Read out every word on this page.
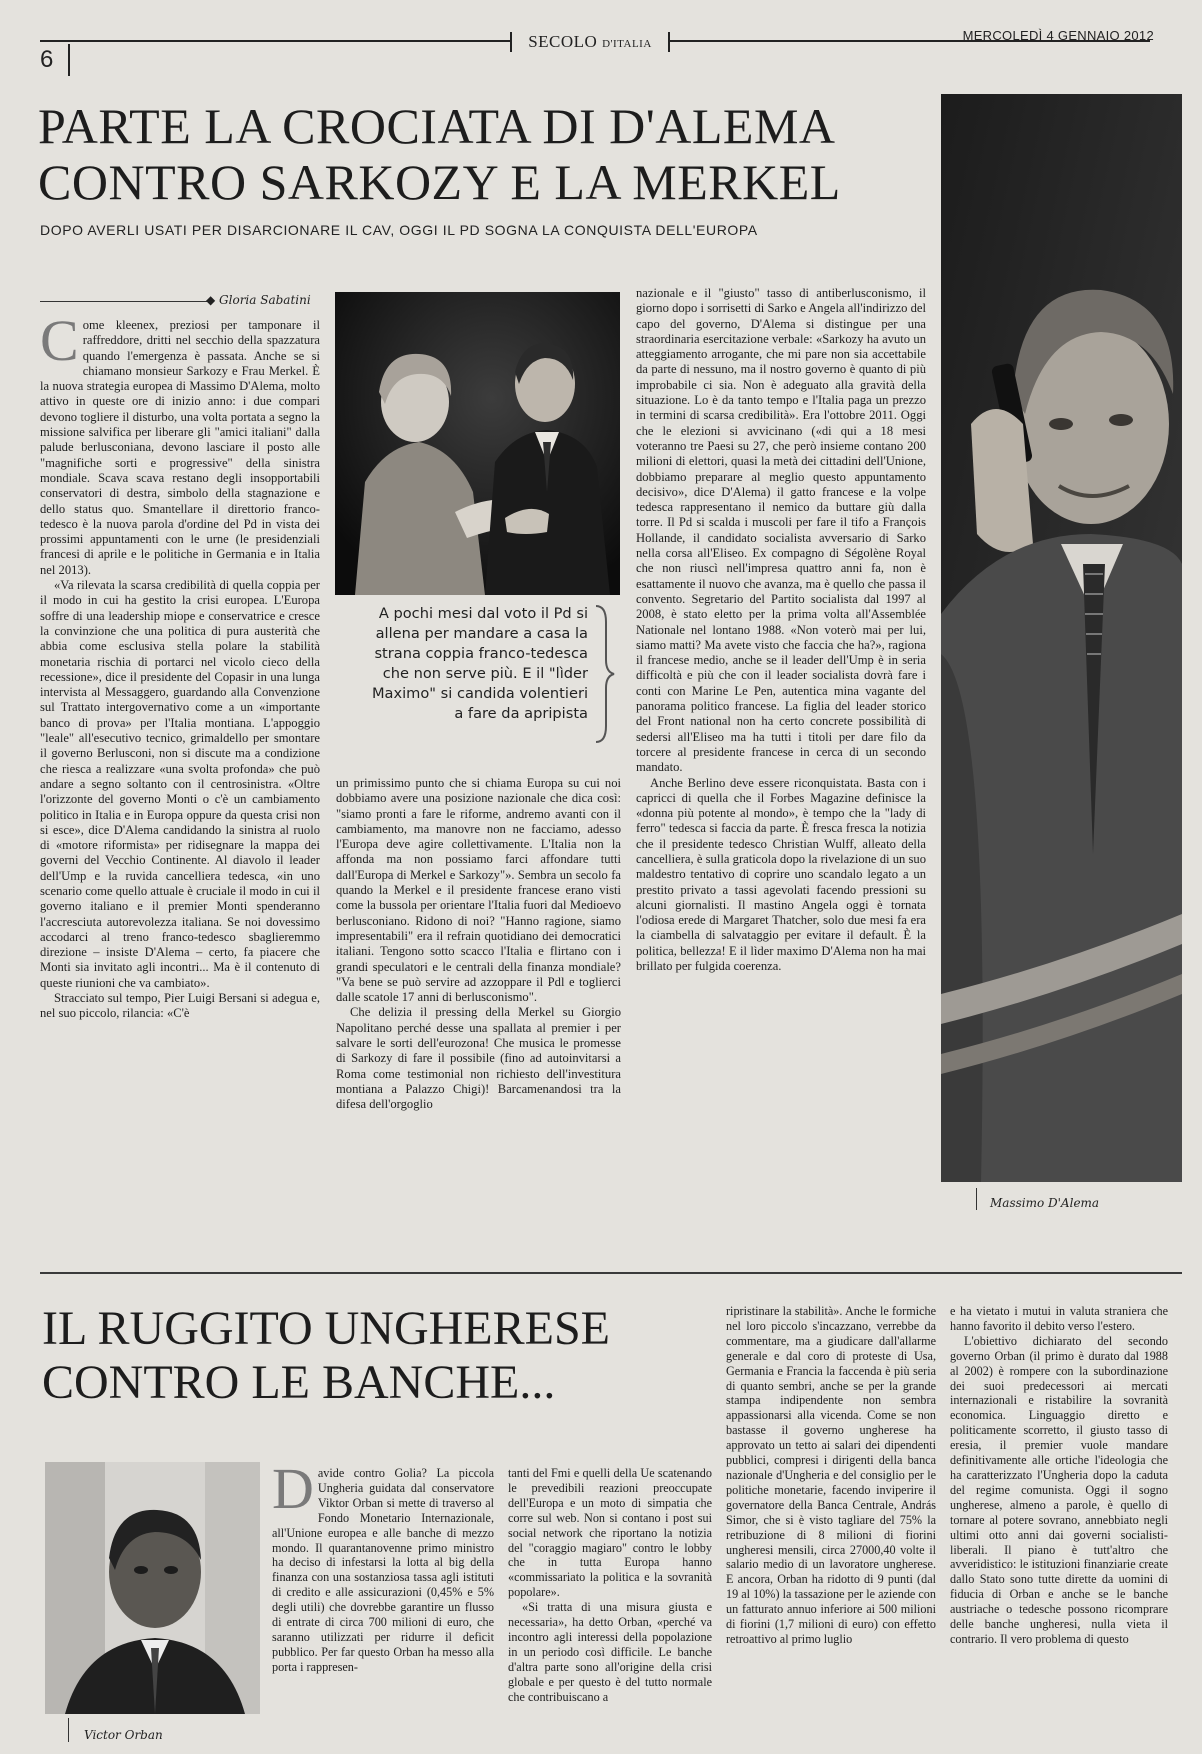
6
SECOLO D'ITALIA
MERCOLEDÌ 4 GENNAIO 2012
PARTE LA CROCIATA DI D'ALEMA
CONTRO SARKOZY E LA MERKEL
DOPO AVERLI USATI PER DISARCIONARE IL CAV, OGGI IL PD SOGNA LA CONQUISTA DELL'EUROPA
◆ Gloria Sabatini

Come kleenex, preziosi per tamponare il raffreddore, dritti nel secchio della spazzatura quando l'emergenza è passata. Anche se si chiamano monsieur Sarkozy e Frau Merkel. È la nuova strategia europea di Massimo D'Alema, molto attivo in queste ore di inizio anno: i due compari devono togliere il disturbo, una volta portata a segno la missione salvifica per liberare gli "amici italiani" dalla palude berlusconiana, devono lasciare il posto alle "magnifiche sorti e progressive" della sinistra mondiale. Scava scava restano degli insopportabili conservatori di destra, simbolo della stagnazione e dello status quo. Smantellare il direttorio franco-tedesco è la nuova parola d'ordine del Pd in vista dei prossimi appuntamenti con le urne (le presidenziali francesi di aprile e le politiche in Germania e in Italia nel 2013).

«Va rilevata la scarsa credibilità di quella coppia per il modo in cui ha gestito la crisi europea. L'Europa soffre di una leadership miope e conservatrice e cresce la convinzione che una politica di pura austerità che abbia come esclusiva stella polare la stabilità monetaria rischia di portarci nel vicolo cieco della recessione», dice il presidente del Copasir in una lunga intervista al Messaggero, guardando alla Convenzione sul Trattato intergovernativo come a un «importante banco di prova» per l'Italia montiana. L'appoggio "leale" all'esecutivo tecnico, grimaldello per smontare il governo Berlusconi, non si discute ma a condizione che riesca a realizzare «una svolta profonda» che può andare a segno soltanto con il centrosinistra. «Oltre l'orizzonte del governo Monti o c'è un cambiamento politico in Italia e in Europa oppure da questa crisi non si esce», dice D'Alema candidando la sinistra al ruolo di «motore riformista» per ridisegnare la mappa dei governi del Vecchio Continente. Al diavolo il leader dell'Ump e la ruvida cancelliera tedesca, «in uno scenario come quello attuale è cruciale il modo in cui il governo italiano e il premier Monti spenderanno l'accresciuta autorevolezza italiana. Se noi dovessimo accodarci al treno franco-tedesco sbaglieremmo direzione – insiste D'Alema – certo, fa piacere che Monti sia invitato agli incontri... Ma è il contenuto di queste riunioni che va cambiato».

Stracciato sul tempo, Pier Luigi Bersani si adegua e, nel suo piccolo, rilancia: «C'è

A pochi mesi dal voto il Pd si allena per mandare a casa la strana coppia franco-tedesca che non serve più. E il "lìder Maximo" si candida volentieri a fare da apripista

un primissimo punto che si chiama Europa su cui noi dobbiamo avere una posizione nazionale che dica così: "siamo pronti a fare le riforme, andremo avanti con il cambiamento, ma manovre non ne facciamo, adesso l'Europa deve agire collettivamente. L'Italia non la affonda ma non possiamo farci affondare tutti dall'Europa di Merkel e Sarkozy"». Sembra un secolo fa quando la Merkel e il presidente francese erano visti come la bussola per orientare l'Italia fuori dal Medioevo berlusconiano. Ridono di noi? "Hanno ragione, siamo impresentabili" era il refrain quotidiano dei democratici italiani. Tengono sotto scacco l'Italia e flirtano con i grandi speculatori e le centrali della finanza mondiale? "Va bene se può servire ad azzoppare il Pdl e toglierci dalle scatole 17 anni di berlusconismo".

Che delizia il pressing della Merkel su Giorgio Napolitano perché desse una spallata al premier i per salvare le sorti dell'eurozona! Che musica le promesse di Sarkozy di fare il possibile (fino ad autoinvitarsi a Roma come testimonial non richiesto dell'investitura montiana a Palazzo Chigi)! Barcamenandosi tra la difesa dell'orgoglio

nazionale e il "giusto" tasso di antiberlusconismo, il giorno dopo i sorrisetti di Sarko e Angela all'indirizzo del capo del governo, D'Alema si distingue per una straordinaria esercitazione verbale: «Sarkozy ha avuto un atteggiamento arrogante, che mi pare non sia accettabile da parte di nessuno, ma il nostro governo è quanto di più improbabile ci sia. Non è adeguato alla gravità della situazione. Lo è da tanto tempo e l'Italia paga un prezzo in termini di scarsa credibilità». Era l'ottobre 2011. Oggi che le elezioni si avvicinano («di qui a 18 mesi voteranno tre Paesi su 27, che però insieme contano 200 milioni di elettori, quasi la metà dei cittadini dell'Unione, dobbiamo preparare al meglio questo appuntamento decisivo», dice D'Alema) il gatto francese e la volpe tedesca rappresentano il nemico da buttare giù dalla torre. Il Pd si scalda i muscoli per fare il tifo a François Hollande, il candidato socialista avversario di Sarko nella corsa all'Eliseo. Ex compagno di Ségolène Royal che non riuscì nell'impresa quattro anni fa, non è esattamente il nuovo che avanza, ma è quello che passa il convento. Segretario del Partito socialista dal 1997 al 2008, è stato eletto per la prima volta all'Assemblée Nationale nel lontano 1988. «Non voterò mai per lui, siamo matti? Ma avete visto che faccia che ha?», ragiona il francese medio, anche se il leader dell'Ump è in seria difficoltà e più che con il leader socialista dovrà fare i conti con Marine Le Pen, autentica mina vagante del panorama politico francese. La figlia del leader storico del Front national non ha certo concrete possibilità di sedersi all'Eliseo ma ha tutti i titoli per dare filo da torcere al presidente francese in cerca di un secondo mandato.

Anche Berlino deve essere riconquistata. Basta con i capricci di quella che il Forbes Magazine definisce la «donna più potente al mondo», è tempo che la "lady di ferro" tedesca si faccia da parte. È fresca fresca la notizia che il presidente tedesco Christian Wulff, alleato della cancelliera, è sulla graticola dopo la rivelazione di un suo maldestro tentativo di coprire uno scandalo legato a un prestito privato a tassi agevolati facendo pressioni su alcuni giornalisti. Il mastino Angela oggi è tornata l'odiosa erede di Margaret Thatcher, solo due mesi fa era la ciambella di salvataggio per evitare il default. È la politica, bellezza! E il lìder maximo D'Alema non ha mai brillato per fulgida coerenza.

Massimo D'Alema
IL RUGGITO UNGHERESE
CONTRO LE BANCHE...
Victor Orban

Davide contro Golia? La piccola Ungheria guidata dal conservatore Viktor Orban si mette di traverso al Fondo Monetario Internazionale, all'Unione europea e alle banche di mezzo mondo. Il quarantanovenne primo ministro ha deciso di infestarsi la lotta al big della finanza con una sostanziosa tassa agli istituti di credito e alle assicurazioni (0,45% e 5% degli utili) che dovrebbe garantire un flusso di entrate di circa 700 milioni di euro, che saranno utilizzati per ridurre il deficit pubblico. Per far questo Orban ha messo alla porta i rappresen-

tanti del Fmi e quelli della Ue scatenando le prevedibili reazioni preoccupate dell'Europa e un moto di simpatia che corre sul web. Non si contano i post sui social network che riportano la notizia del "coraggio magiaro" contro le lobby che in tutta Europa hanno «commissariato la politica e la sovranità popolare».

«Si tratta di una misura giusta e necessaria», ha detto Orban, «perché va incontro agli interessi della popolazione in un periodo così difficile. Le banche d'altra parte sono all'origine della crisi globale e per questo è del tutto normale che contribuiscano a

ripristinare la stabilità». Anche le formiche nel loro piccolo s'incazzano, verrebbe da commentare, ma a giudicare dall'allarme generale e dal coro di proteste di Usa, Germania e Francia la faccenda è più seria di quanto sembri, anche se per la grande stampa indipendente non sembra appassionarsi alla vicenda. Come se non bastasse il governo ungherese ha approvato un tetto ai salari dei dipendenti pubblici, compresi i dirigenti della banca nazionale d'Ungheria e del consiglio per le politiche monetarie, facendo inviperire il governatore della Banca Centrale, András Simor, che si è visto tagliare del 75% la retribuzione di 8 milioni di fiorini ungheresi mensili, circa 27000,40 volte il salario medio di un lavoratore ungherese. E ancora, Orban ha ridotto di 9 punti (dal 19 al 10%) la tassazione per le aziende con un fatturato annuo inferiore ai 500 milioni di fiorini (1,7 milioni di euro) con effetto retroattivo al primo luglio

e ha vietato i mutui in valuta straniera che hanno favorito il debito verso l'estero.

L'obiettivo dichiarato del secondo governo Orban (il primo è durato dal 1988 al 2002) è rompere con la subordinazione dei suoi predecessori ai mercati internazionali e ristabilire la sovranità economica. Linguaggio diretto e politicamente scorretto, il giusto tasso di eresia, il premier vuole mandare definitivamente alle ortiche l'ideologia che ha caratterizzato l'Ungheria dopo la caduta del regime comunista. Oggi il sogno ungherese, almeno a parole, è quello di tornare al potere sovrano, annebbiato negli ultimi otto anni dai governi socialisti-liberali. Il piano è tutt'altro che avveridistico: le istituzioni finanziarie create dallo Stato sono tutte dirette da uomini di fiducia di Orban e anche se le banche austriache o tedesche possono ricomprare delle banche ungheresi, nulla vieta il contrario. Il vero problema di questo
